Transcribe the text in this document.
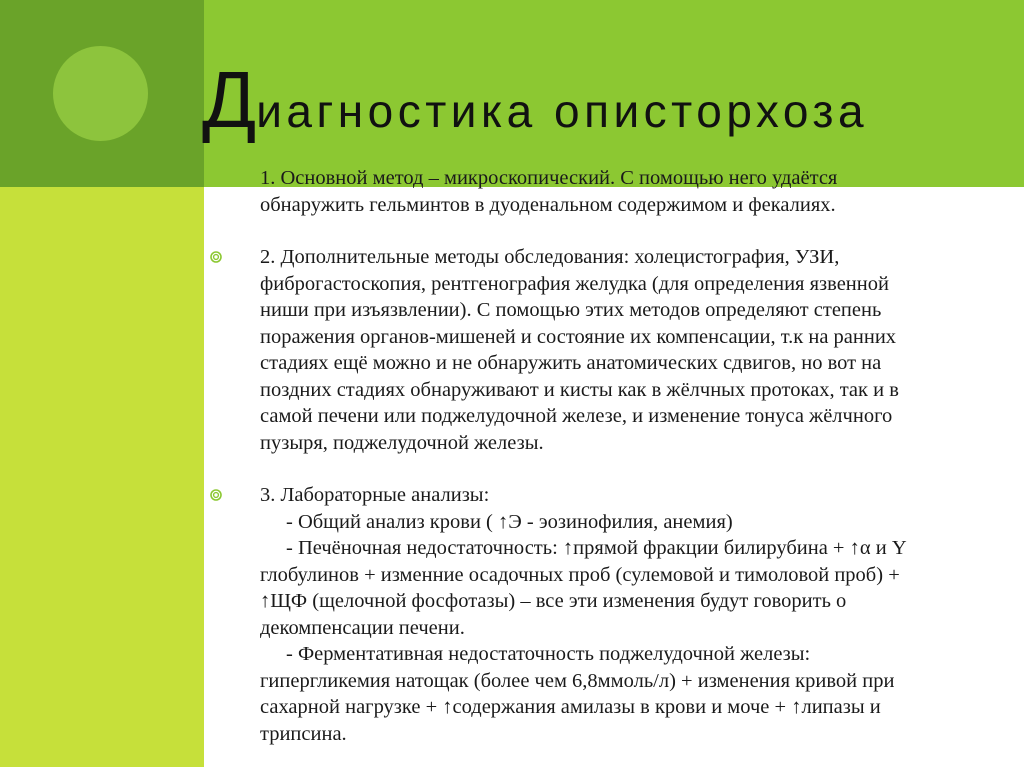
Диагностика описторхоза

1. Основной метод – микроскопический. С помощью него удаётся
обнаружить гельминтов в дуоденальном содержимом и фекалиях.

2. Дополнительные методы обследования: холецистография, УЗИ,
фиброгастоскопия, рентгенография желудка (для определения язвенной
ниши при изъязвлении). С помощью этих методов определяют степень
поражения органов-мишеней и состояние их компенсации, т.к на ранних
стадиях ещё можно и не обнаружить анатомических сдвигов, но вот на
поздних стадиях обнаруживают и кисты как в жёлчных протоках, так и в
самой печени или поджелудочной железе, и изменение тонуса жёлчного
пузыря, поджелудочной железы.

3. Лабораторные анализы:
- Общий анализ крови ( ↑Э - эозинофилия, анемия)
- Печёночная недостаточность: ↑прямой фракции билирубина + ↑α и Y
глобулинов + изменние осадочных проб (сулемовой и тимоловой проб) +
↑ЩФ (щелочной фосфотазы) – все эти изменения будут говорить о
декомпенсации печени.
- Ферментативная недостаточность поджелудочной железы:
гипергликемия натощак (более чем 6,8ммоль/л) + изменения кривой при
сахарной нагрузке + ↑содержания амилазы в крови и моче + ↑липазы и
трипсина.
